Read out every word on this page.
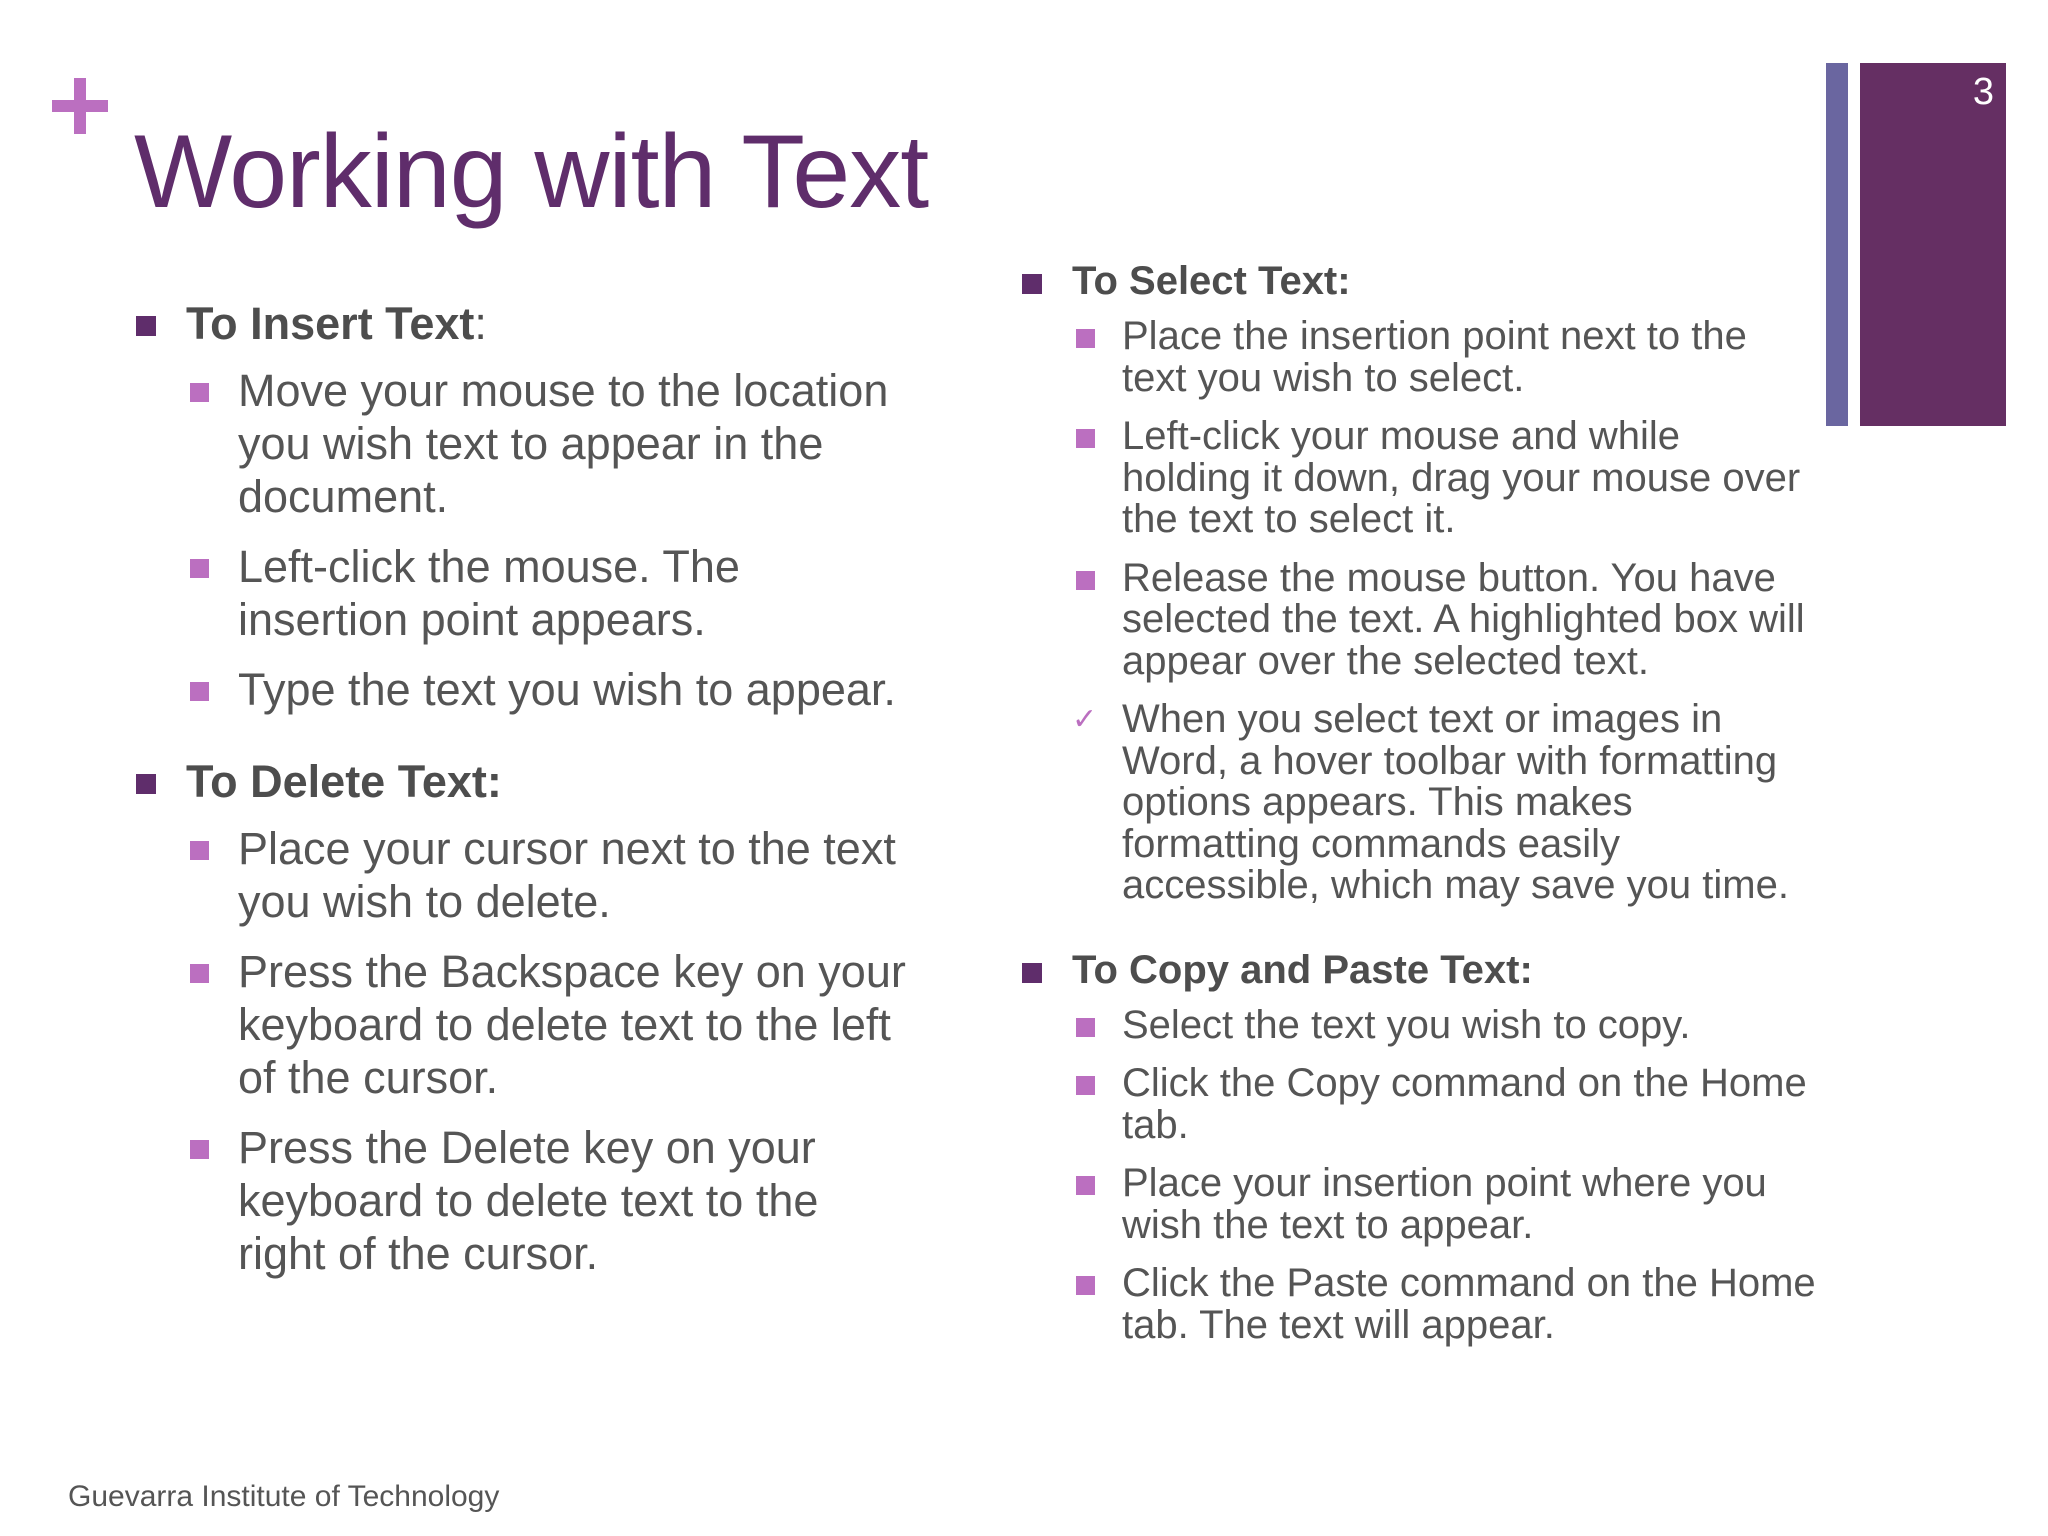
Working with Text
3
To Insert Text:
Move your mouse to the location you wish text to appear in the document.
Left-click the mouse. The insertion point appears.
Type the text you wish to appear.
To Delete Text:
Place your cursor next to the text you wish to delete.
Press the Backspace key on your keyboard to delete text to the left of the cursor.
Press the Delete key on your keyboard to delete text to the right of the cursor.
To Select Text:
Place the insertion point next to the text you wish to select.
Left-click your mouse and while holding it down, drag your mouse over the text to select it.
Release the mouse button. You have selected the text. A highlighted box will appear over the selected text.
✓ When you select text or images in Word, a hover toolbar with formatting options appears. This makes formatting commands easily accessible, which may save you time.
To Copy and Paste Text:
Select the text you wish to copy.
Click the Copy command on the Home tab.
Place your insertion point where you wish the text to appear.
Click the Paste command on the Home tab. The text will appear.
Guevarra Institute of Technology
